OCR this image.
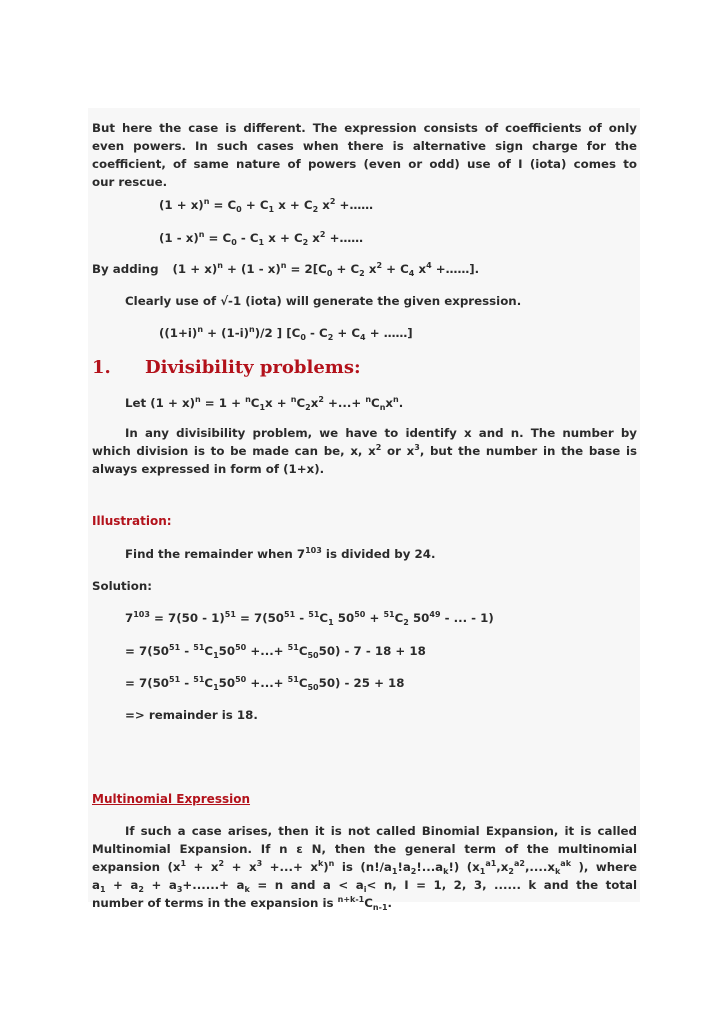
But here the case is different. The expression consists of coefficients of only
even powers. In such cases when there is alternative sign charge for the
coefficient, of same nature of powers (even or odd) use of I (iota) comes to
our rescue.
$(1 + x)^n = C_0 + C_1$ $x + C_2$ $x^2$ +……
$(1 - x)^n = C_0 - C_1$ $x + C_2$ $x^2$ +……
By adding $(1 + x)^n + (1 - x)^n = 2[C_0 + C_2$ $x^2 + C_4$ $x^4$ +……].
Clearly use of √-1 (iota) will generate the given expression.
$((1+i)^n + (1-i)^n)/2$ ] [$C_0 - C_2 + C_4$ + ……]
1. Divisibility problems:
Let $(1 + x)^n = 1 + ^nC_1x + ^nC_2x^2$ +...+ $^nC_nx^n$.
In any divisibility problem, we have to identify x and n. The number by
which division is to be made can be, x, $x^2$ or $x^3$, but the number in the base is
always expressed in form of (1+x).
Illustration:
Find the remainder when $7^{103}$ is divided by 24.
Solution:
$7^{103} = 7(50 - 1)^{51} = 7(50^{51} - ^{51}C_1$ $50^{50} + ^{51}C_2$ $50^{49}$ - ... - 1)
= $7(50^{51} - ^{51}C_150^{50}$ +...+ $^{51}C_{50}50) - 7 - 18 + 18$
= $7(50^{51} - ^{51}C_150^{50}$ +...+ $^{51}C_{50}50) - 25 + 18$
=> remainder is 18.
Multinomial Expression
If such a case arises, then it is not called Binomial Expansion, it is called
Multinomial Expansion. If n ε N, then the general term of the multinomial
expansion ($x^1 + x^2 + x^3$ +...+ $x^k)^n$ is $(n!/a_1!a_2!...a_k!)$ ($x_1^{a1},x_2^{a2},....x_k^{ak}$ ), where
$a_1 + a_2 + a_3+......+ a_k = n$ and $a < a_i< n$, I = 1, 2, 3, ...... k and the total
number of terms in the expansion is $^{n+k-1}C_{n-1}$.
